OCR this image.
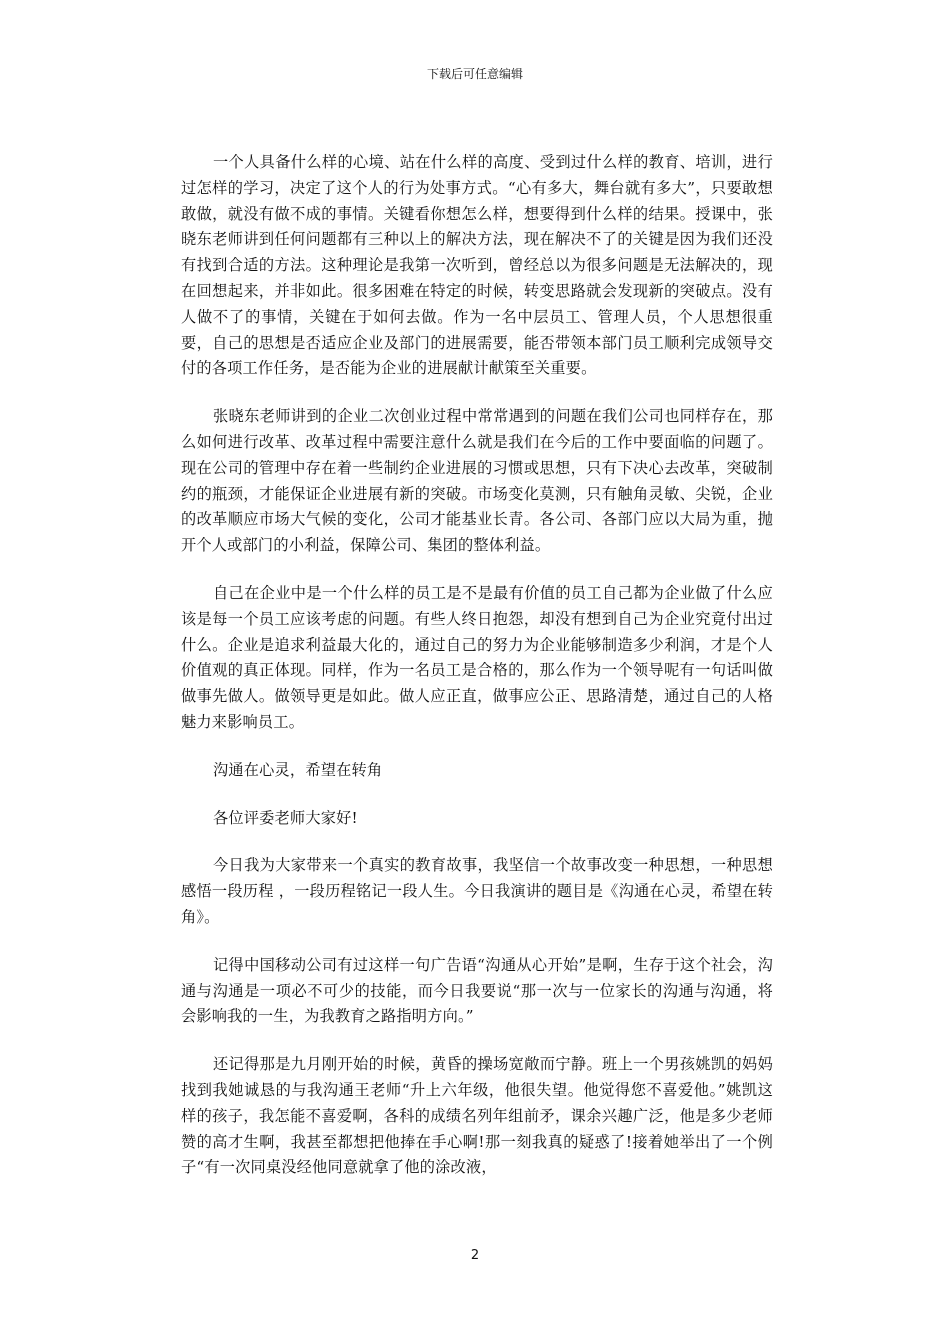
下载后可任意编辑

一个人具备什么样的心境、站在什么样的高度、受到过什么样的教育、培训，进行过怎样的学习，决定了这个人的行为处事方式。“心有多大，舞台就有多大”，只要敢想敢做，就没有做不成的事情。关键看你想怎么样，想要得到什么样的结果。授课中，张晓东老师讲到任何问题都有三种以上的解决方法，现在解决不了的关键是因为我们还没有找到合适的方法。这种理论是我第一次听到，曾经总以为很多问题是无法解决的，现在回想起来，并非如此。很多困难在特定的时候，转变思路就会发现新的突破点。没有人做不了的事情，关键在于如何去做。作为一名中层员工、管理人员，个人思想很重要，自己的思想是否适应企业及部门的进展需要，能否带领本部门员工顺利完成领导交付的各项工作任务，是否能为企业的进展献计献策至关重要。

张晓东老师讲到的企业二次创业过程中常常遇到的问题在我们公司也同样存在，那么如何进行改革、改革过程中需要注意什么就是我们在今后的工作中要面临的问题了。现在公司的管理中存在着一些制约企业进展的习惯或思想，只有下决心去改革，突破制约的瓶颈，才能保证企业进展有新的突破。市场变化莫测，只有触角灵敏、尖锐，企业的改革顺应市场大气候的变化，公司才能基业长青。各公司、各部门应以大局为重，抛开个人或部门的小利益，保障公司、集团的整体利益。

自己在企业中是一个什么样的员工是不是最有价值的员工自己都为企业做了什么应该是每一个员工应该考虑的问题。有些人终日抱怨，却没有想到自己为企业究竟付出过什么。企业是追求利益最大化的，通过自己的努力为企业能够制造多少利润，才是个人价值观的真正体现。同样，作为一名员工是合格的，那么作为一个领导呢有一句话叫做做事先做人。做领导更是如此。做人应正直，做事应公正、思路清楚，通过自己的人格魅力来影响员工。

沟通在心灵，希望在转角

各位评委老师大家好!

今日我为大家带来一个真实的教育故事，我坚信一个故事改变一种思想，一种思想感悟一段历程 ，一段历程铭记一段人生。今日我演讲的题目是《沟通在心灵，希望在转角》。

记得中国移动公司有过这样一句广告语“沟通从心开始”是啊，生存于这个社会，沟通与沟通是一项必不可少的技能，而今日我要说“那一次与一位家长的沟通与沟通，将会影响我的一生，为我教育之路指明方向。”

还记得那是九月刚开始的时候，黄昏的操场宽敞而宁静。班上一个男孩姚凯的妈妈找到我她诚恳的与我沟通王老师“升上六年级，他很失望。他觉得您不喜爱他。”姚凯这样的孩子，我怎能不喜爱啊，各科的成绩名列年组前矛，课余兴趣广泛，他是多少老师赞的高才生啊，我甚至都想把他捧在手心啊!那一刻我真的疑惑了!接着她举出了一个例子“有一次同桌没经他同意就拿了他的涂改液，

2
